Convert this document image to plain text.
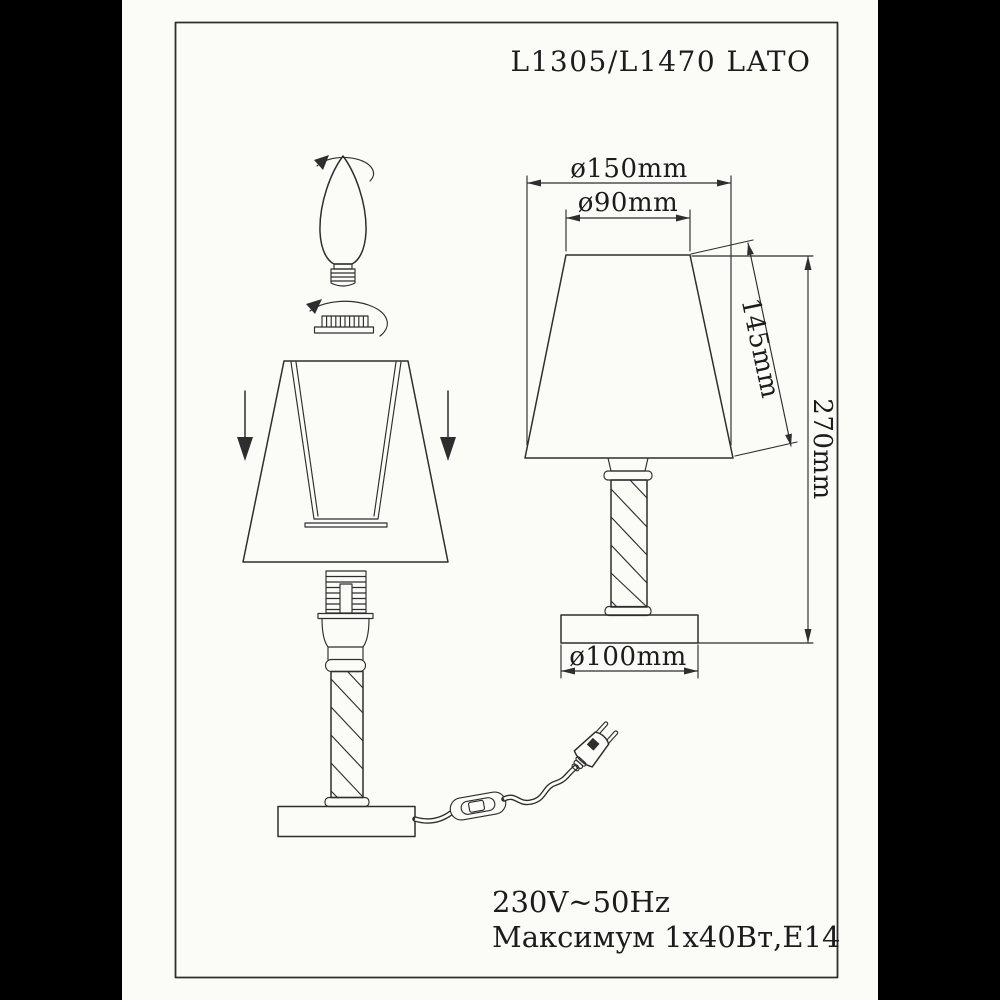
L1305/L1470 LATO
ø150mm
ø90mm
145mm
270mm
ø100mm
230V~50Hz
Максимум 1x40Вт,E14
